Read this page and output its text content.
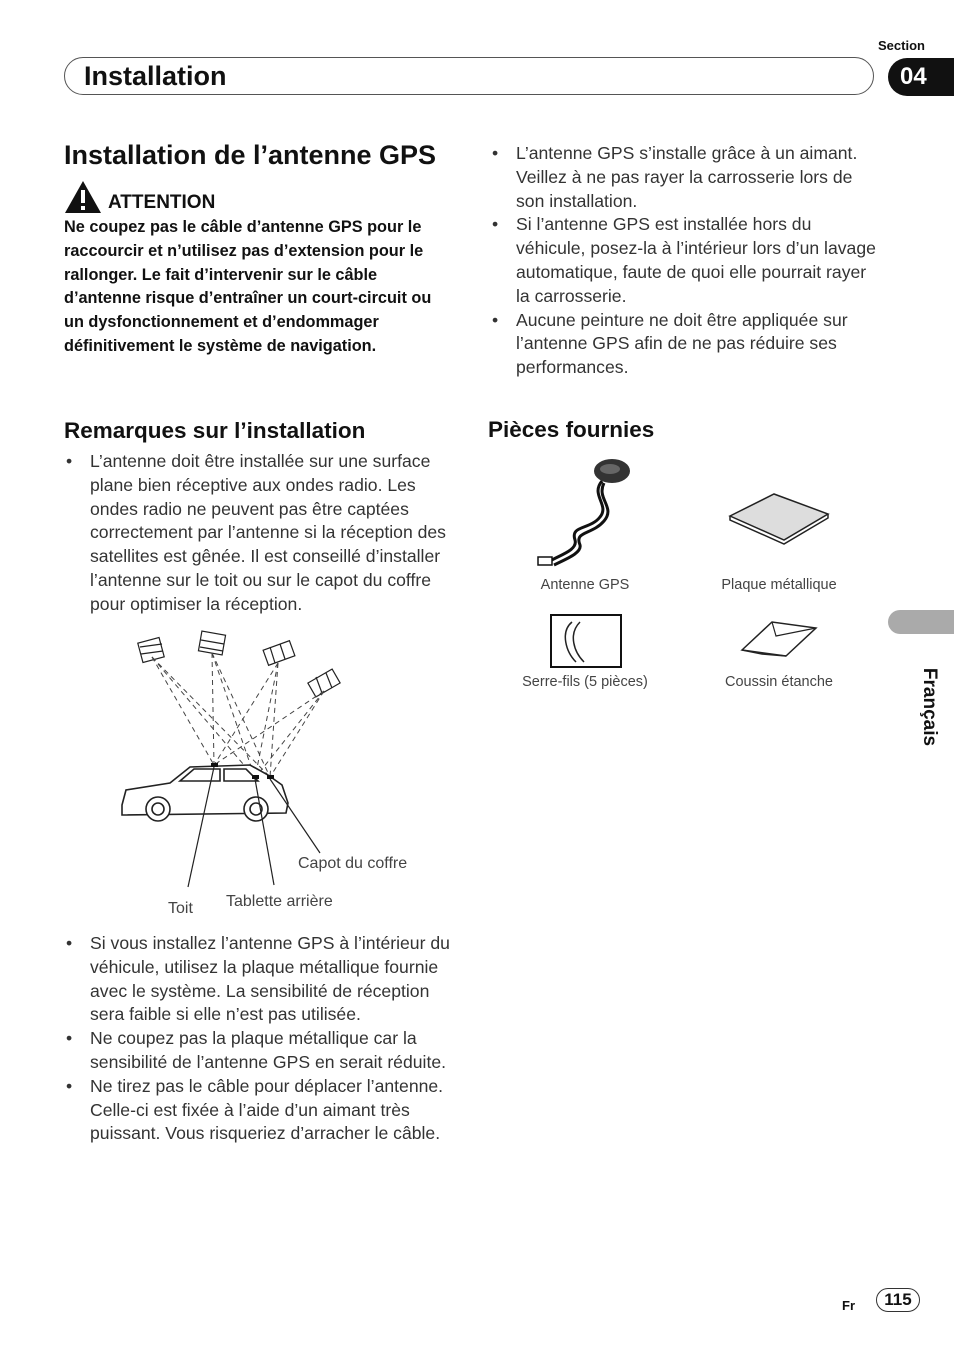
Section
Installation	04
Installation de l’antenne GPS
ATTENTION
Ne coupez pas le câble d’antenne GPS pour le raccourcir et n’utilisez pas d’extension pour le rallonger. Le fait d’intervenir sur le câble d’antenne risque d’entraîner un court-circuit ou un dysfonctionnement et d’endommager définitivement le système de navigation.
Remarques sur l’installation
• L’antenne doit être installée sur une surface plane bien réceptive aux ondes radio. Les ondes radio ne peuvent pas être captées correctement par l’antenne si la réception des satellites est gênée. Il est conseillé d’installer l’antenne sur le toit ou sur le capot du coffre pour optimiser la réception.
Capot du coffre
Toit Tablette arrière
• Si vous installez l’antenne GPS à l’intérieur du véhicule, utilisez la plaque métallique fournie avec le système. La sensibilité de réception sera faible si elle n’est pas utilisée.
• Ne coupez pas la plaque métallique car la sensibilité de l’antenne GPS en serait réduite.
• Ne tirez pas le câble pour déplacer l’antenne. Celle-ci est fixée à l’aide d’un aimant très puissant. Vous risqueriez d’arracher le câble.
• L’antenne GPS s’installe grâce à un aimant. Veillez à ne pas rayer la carrosserie lors de son installation.
• Si l’antenne GPS est installée hors du véhicule, posez-la à l’intérieur lors d’un lavage automatique, faute de quoi elle pourrait rayer la carrosserie.
• Aucune peinture ne doit être appliquée sur l’antenne GPS afin de ne pas réduire ses performances.
Pièces fournies
Antenne GPS	Plaque métallique
Serre-fils (5 pièces)	Coussin étanche	Français
Fr	115
